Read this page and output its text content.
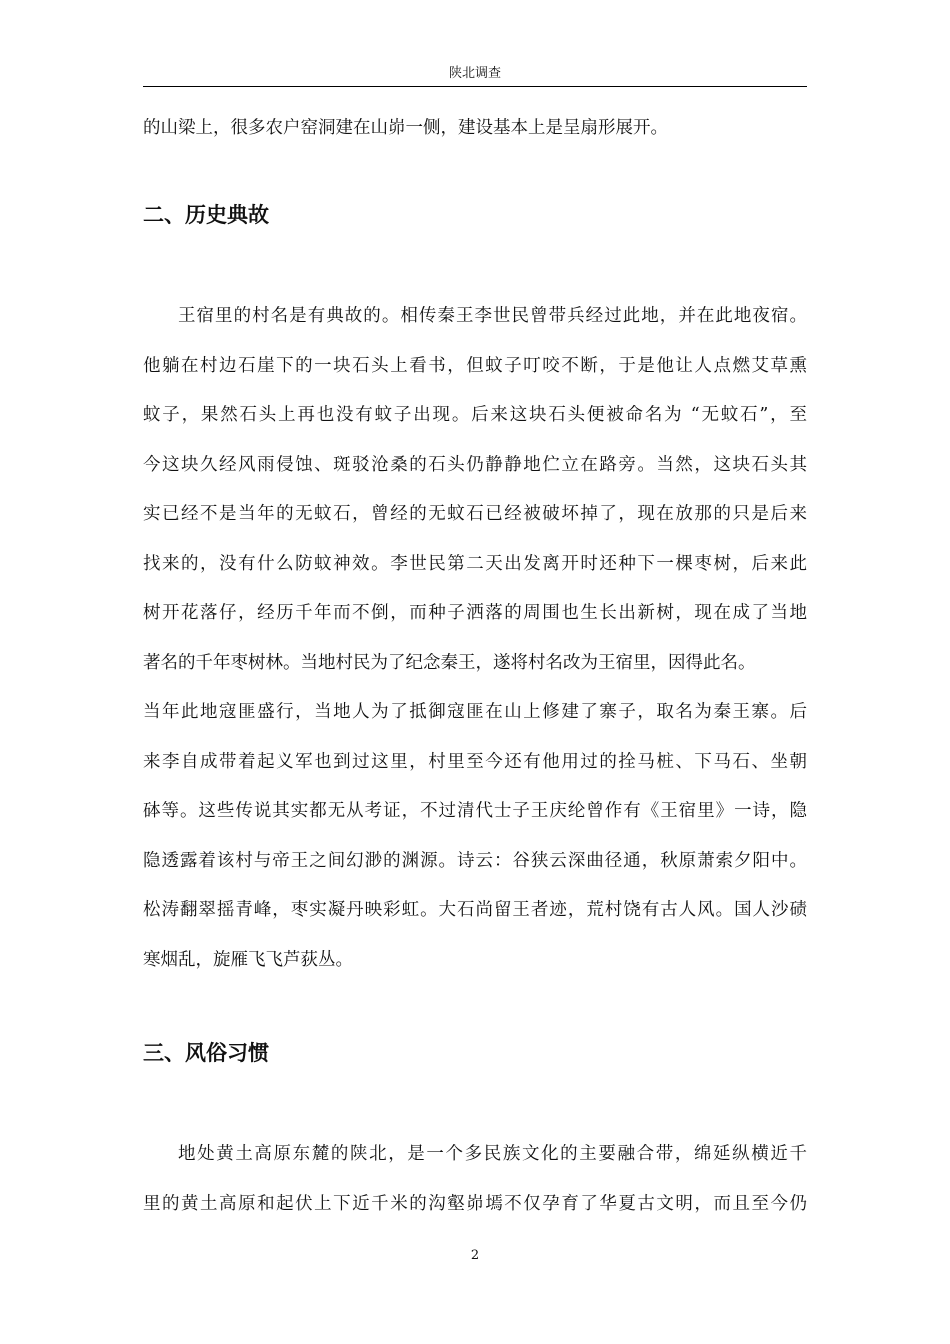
陕北调查
的山梁上，很多农户窑洞建在山峁一侧，建设基本上是呈扇形展开。
二、历史典故
王宿里的村名是有典故的。相传秦王李世民曾带兵经过此地，并在此地夜宿。
他躺在村边石崖下的一块石头上看书，但蚊子叮咬不断，于是他让人点燃艾草熏
蚊子，果然石头上再也没有蚊子出现。后来这块石头便被命名为 “无蚊石”，至
今这块久经风雨侵蚀、斑驳沧桑的石头仍静静地伫立在路旁。当然，这块石头其
实已经不是当年的无蚊石，曾经的无蚊石已经被破坏掉了，现在放那的只是后来
找来的，没有什么防蚊神效。李世民第二天出发离开时还种下一棵枣树，后来此
树开花落仔，经历千年而不倒，而种子洒落的周围也生长出新树，现在成了当地
著名的千年枣树林。当地村民为了纪念秦王，遂将村名改为王宿里，因得此名。
当年此地寇匪盛行，当地人为了抵御寇匪在山上修建了寨子，取名为秦王寨。后
来李自成带着起义军也到过这里，村里至今还有他用过的拴马桩、下马石、坐朝
砵等。这些传说其实都无从考证，不过清代士子王庆纶曾作有《王宿里》一诗，隐
隐透露着该村与帝王之间幻渺的渊源。诗云：谷狭云深曲径通，秋原萧索夕阳中。
松涛翻翠摇青峰，枣实凝丹映彩虹。大石尚留王者迹，荒村饶有古人风。国人沙碛
寒烟乱，旋雁飞飞芦荻丛。
三、风俗习惯
地处黄土高原东麓的陕北，是一个多民族文化的主要融合带，绵延纵横近千
里的黄土高原和起伏上下近千米的沟壑峁墕不仅孕育了华夏古文明，而且至今仍
2
